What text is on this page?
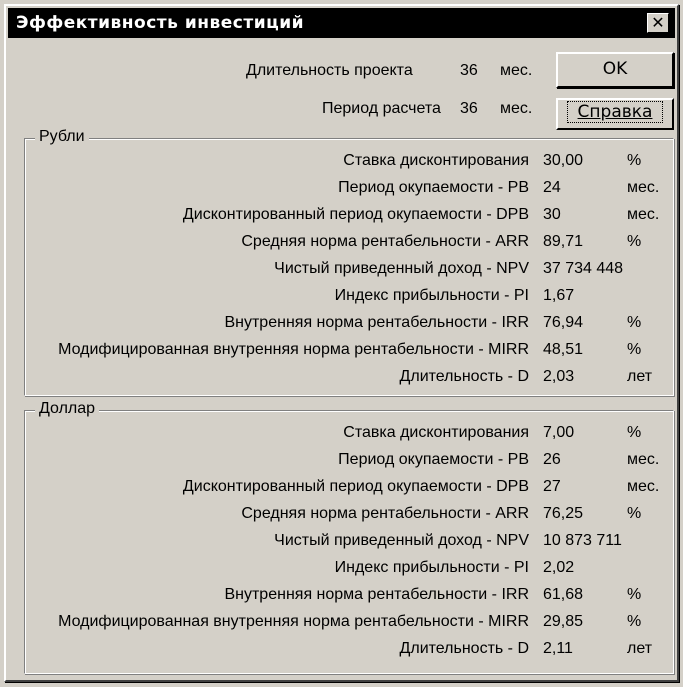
Эффективность инвестиций	✕
Длительность проекта	36 мес.
Период расчета 36 мес.
OK
Справка
Рубли
Ставка дисконтирования 30,00	%
Период окупаемости - PB 24	мес.
Дисконтированный период окупаемости - DPB 30	мес.
Средняя норма рентабельности - ARR 89,71	%
Чистый приведенный доход - NPV 37 734 448
Индекс прибыльности - PI 1,67
Внутренняя норма рентабельности - IRR 76,94	%
Модифицированная внутренняя норма рентабельности - MIRR 48,51	%
Длительность - D 2,03	лет
Доллар
Ставка дисконтирования 7,00	%
Период окупаемости - PB 26	мес.
Дисконтированный период окупаемости - DPB 27	мес.
Средняя норма рентабельности - ARR 76,25	%
Чистый приведенный доход - NPV 10 873 711
Индекс прибыльности - PI 2,02
Внутренняя норма рентабельности - IRR 61,68	%
Модифицированная внутренняя норма рентабельности - MIRR 29,85	%
Длительность - D 2,11	лет
